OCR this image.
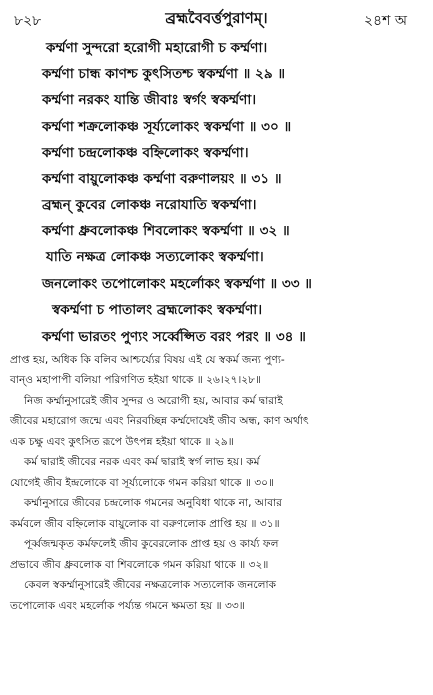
৮২৮	ব্রহ্মবৈবর্ত্তপুরাণম্।	২৪শ অ
কর্ম্মণা সুন্দরো হরোগী মহারোগী চ কর্ম্মণা।
কর্ম্মণা চান্ধ কাণশ্চ কুৎসিতশ্চ স্বকর্ম্মণা ॥ ২৯ ॥
কর্ম্মণা নরকং যান্তি জীবাঃ স্বর্গং স্বকর্ম্মণা।
কর্ম্মণা শক্রলোকঞ্চ সূর্য্যলোকং স্বকর্ম্মণা ॥ ৩০ ॥
কর্ম্মণা চন্দ্রলোকঞ্চ বহ্নিলোকং স্বকর্ম্মণা।
কর্ম্মণা বায়ুলোকঞ্চ কর্ম্মণা বরুণালয়ং ॥ ৩১ ॥
ব্রহ্মন্ কুবের লোকঞ্চ নরোযাতি স্বকর্ম্মণা।
কর্ম্মণা ধ্রুবলোকঞ্চ শিবলোকং স্বকর্ম্মণা ॥ ৩২ ॥
যাতি নক্ষত্র লোকঞ্চ সত্যলোকং স্বকর্ম্মণা।
জনলোকং তপোলোকং মহর্লোকং স্বকর্ম্মণা ॥ ৩৩ ॥
স্বকর্ম্মণা চ পাতালং ব্রহ্মলোকং স্বকর্ম্মণা।
কর্ম্মণা ভারতং পুণ্যং সর্ব্বেপ্সিত বরং পরং ॥ ৩৪ ॥
প্রাপ্ত হয়, অধিক কি বলিব আশ্চর্য্যের বিষয় এই যে স্বকর্ম জন্য পুণ্য-
বান্ও মহাপাপী বলিয়া পরিগণিত হইয়া থাকে ॥ ২৬।২৭।২৮॥
নিজ কর্ম্মানুসারেই জীব সুন্দর ও অরোগী হয়, আবার কর্ম দ্বারাই
জীবের মহারোগ জন্মে এবং নিরবচ্ছিন্ন কর্ম্মদোষেই জীব অন্ধ, কাণ অর্থাৎ
এক চক্ষু এবং কুৎসিত রূপে উৎপন্ন হইয়া থাকে ॥ ২৯॥
কর্ম দ্বারাই জীবের নরক এবং কর্ম দ্বারাই স্বর্গ লাভ হয়। কর্ম
যোগেই জীব ইন্দ্রলোকে বা সূর্য্যলোকে গমন করিয়া থাকে ॥ ৩০॥
কর্ম্মানুসারে জীবের চন্দ্রলোক গমনের অনুবিধা থাকে না, আবার
কর্মবলে জীব বহ্নিলোক বায়ুলোক বা বরুণলোক প্রাপ্তি হয় ॥ ৩১॥
পূর্ব্বজন্মকৃত কর্মফলেই জীব কুবেরলোক প্রাপ্ত হয় ও কার্য্য ফল
প্রভাবে জীব ধ্রুবলোক বা শিবলোকে গমন করিয়া থাকে ॥ ৩২॥
কেবল স্বকর্ম্মানুসারেই জীবের নক্ষত্রলোক সত্যলোক জনলোক
তপোলোক এবং মহর্লোক পর্য্যন্ত গমনে ক্ষমতা হয় ॥ ৩৩॥
